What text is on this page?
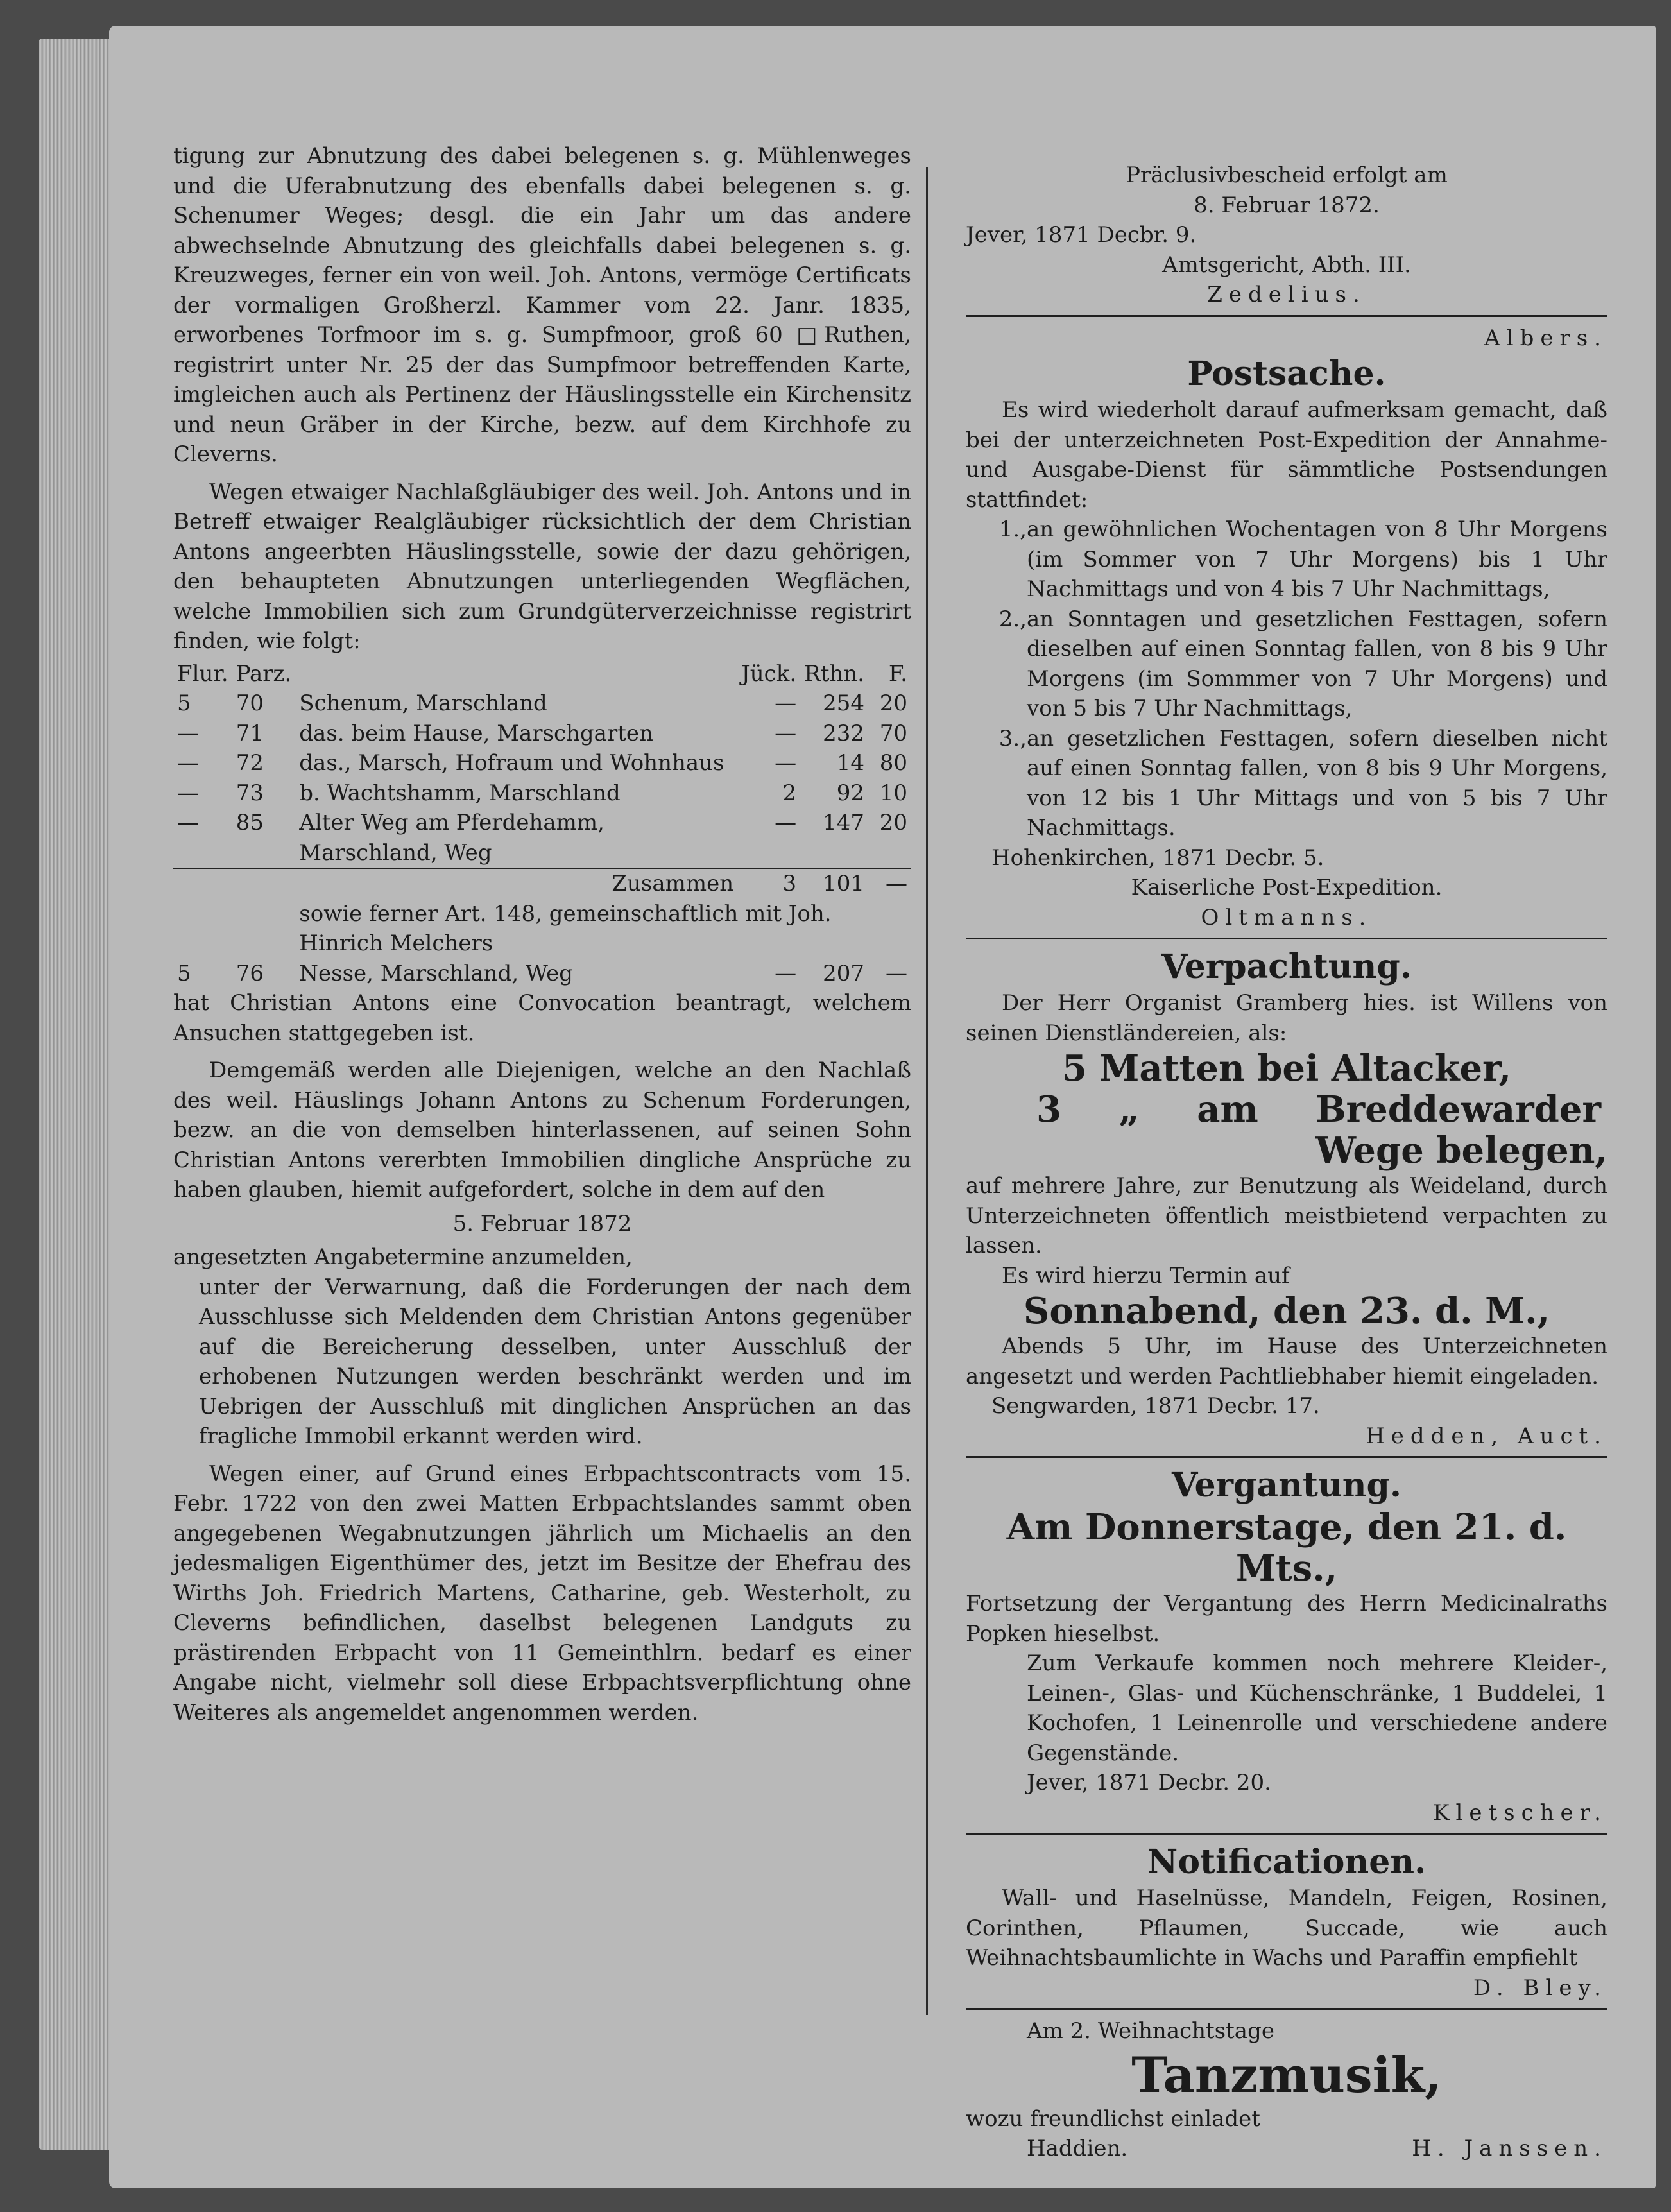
tigung zur Abnutzung des dabei belegenen s. g. Mühlenweges und die Uferabnutzung des ebenfalls dabei belegenen s. g. Schenumer Weges; desgl. die ein Jahr um das andere abwechselnde Abnutzung des gleichfalls dabei belegenen s. g. Kreuzweges, ferner ein von weil. Joh. Antons, vermöge Certificats der vormaligen Großherzl. Kammer vom 22. Janr. 1835, erworbenes Torfmoor im s. g. Sumpfmoor, groß 60 □Ruthen, registrirt unter Nr. 25 der das Sumpfmoor betreffenden Karte, imgleichen auch als Pertinenz der Häuslingsstelle ein Kirchensitz und neun Gräber in der Kirche, bezw. auf dem Kirchhofe zu Cleverns.

Wegen etwaiger Nachlaßgläubiger des weil. Joh. Antons und in Betreff etwaiger Realgläubiger rücksichtlich der dem Christian Antons angeerbten Häuslingsstelle, sowie der dazu gehörigen, den behaupteten Abnutzungen unterliegenden Wegflächen, welche Immobilien sich zum Grundgüterverzeichnisse registrirt finden, wie folgt:

Flur.	Parz.		Jück.	Rthn.	F.
5	70	Schenum, Marschland	—	254	20
—	71	das. beim Hause, Marschgarten	—	232	70
—	72	das., Marsch, Hofraum und Wohnhaus	—	14	80
—	73	b. Wachtshamm, Marschland	2	92	10
—	85	Alter Weg am Pferdehamm, Marschland, Weg	—	147	20
		Zusammen	3	101	—
		sowie ferner Art. 148, gemeinschaftlich mit Joh. Hinrich Melchers			
5	76	Nesse, Marschland, Weg	—	207	—

hat Christian Antons eine Convocation beantragt, welchem Ansuchen stattgegeben ist.

Demgemäß werden alle Diejenigen, welche an den Nachlaß des weil. Häuslings Johann Antons zu Schenum Forderungen, bezw. an die von demselben hinterlassenen, auf seinen Sohn Christian Antons vererbten Immobilien dingliche Ansprüche zu haben glauben, hiemit aufgefordert, solche in dem auf den

5. Februar 1872

angesetzten Angabetermine anzumelden,

unter der Verwarnung, daß die Forderungen der nach dem Ausschlusse sich Meldenden dem Christian Antons gegenüber auf die Bereicherung desselben, unter Ausschluß der erhobenen Nutzungen werden beschränkt werden und im Uebrigen der Ausschluß mit dinglichen Ansprüchen an das fragliche Immobil erkannt werden wird.

Wegen einer, auf Grund eines Erbpachtscontracts vom 15. Febr. 1722 von den zwei Matten Erbpachtslandes sammt oben angegebenen Wegabnutzungen jährlich um Michaelis an den jedesmaligen Eigenthümer des, jetzt im Besitze der Ehefrau des Wirths Joh. Friedrich Martens, Catharine, geb. Westerholt, zu Cleverns befindlichen, daselbst belegenen Landguts zu prästirenden Erbpacht von 11 Gemeinthlrn. bedarf es einer Angabe nicht, vielmehr soll diese Erbpachtsverpflichtung ohne Weiteres als angemeldet angenommen werden.

Präclusivbescheid erfolgt am

8. Februar 1872.

Jever, 1871 Decbr. 9.

Amtsgericht, Abth. III.

Zedelius.

Albers.

Postsache.

Es wird wiederholt darauf aufmerksam gemacht, daß bei der unterzeichneten Post-Expedition der Annahme- und Ausgabe-Dienst für sämmtliche Postsendungen stattfindet:

1., an gewöhnlichen Wochentagen von 8 Uhr Morgens (im Sommer von 7 Uhr Morgens) bis 1 Uhr Nachmittags und von 4 bis 7 Uhr Nachmittags,
2., an Sonntagen und gesetzlichen Festtagen, sofern dieselben auf einen Sonntag fallen, von 8 bis 9 Uhr Morgens (im Sommmer von 7 Uhr Morgens) und von 5 bis 7 Uhr Nachmittags,
3., an gesetzlichen Festtagen, sofern dieselben nicht auf einen Sonntag fallen, von 8 bis 9 Uhr Morgens, von 12 bis 1 Uhr Mittags und von 5 bis 7 Uhr Nachmittags.

Hohenkirchen, 1871 Decbr. 5.

Kaiserliche Post-Expedition.

Oltmanns.

Verpachtung.

Der Herr Organist Gramberg hies. ist Willens von seinen Dienstländereien, als:

5 Matten bei Altacker,
3 „ am Breddewarder
Wege belegen,

auf mehrere Jahre, zur Benutzung als Weideland, durch Unterzeichneten öffentlich meistbietend verpachten zu lassen.

Es wird hierzu Termin auf

Sonnabend, den 23. d. M.,

Abends 5 Uhr, im Hause des Unterzeichneten angesetzt und werden Pachtliebhaber hiemit eingeladen.

Sengwarden, 1871 Decbr. 17.

Hedden, Auct.

Vergantung.
Am Donnerstage, den 21. d. Mts.,

Fortsetzung der Vergantung des Herrn Medicinalraths Popken hieselbst.

Zum Verkaufe kommen noch mehrere Kleider-, Leinen-, Glas- und Küchenschränke, 1 Buddelei, 1 Kochofen, 1 Leinenrolle und verschiedene andere Gegenstände.

Jever, 1871 Decbr. 20.

Kletscher.

Notificationen.

Wall- und Haselnüsse, Mandeln, Feigen, Rosinen, Corinthen, Pflaumen, Succade, wie auch Weihnachtsbaumlichte in Wachs und Paraffin empfiehlt

D. Bley.

Am 2. Weihnachtstage

Tanzmusik,

wozu freundlichst einladet

Haddien.	H. Janssen.
